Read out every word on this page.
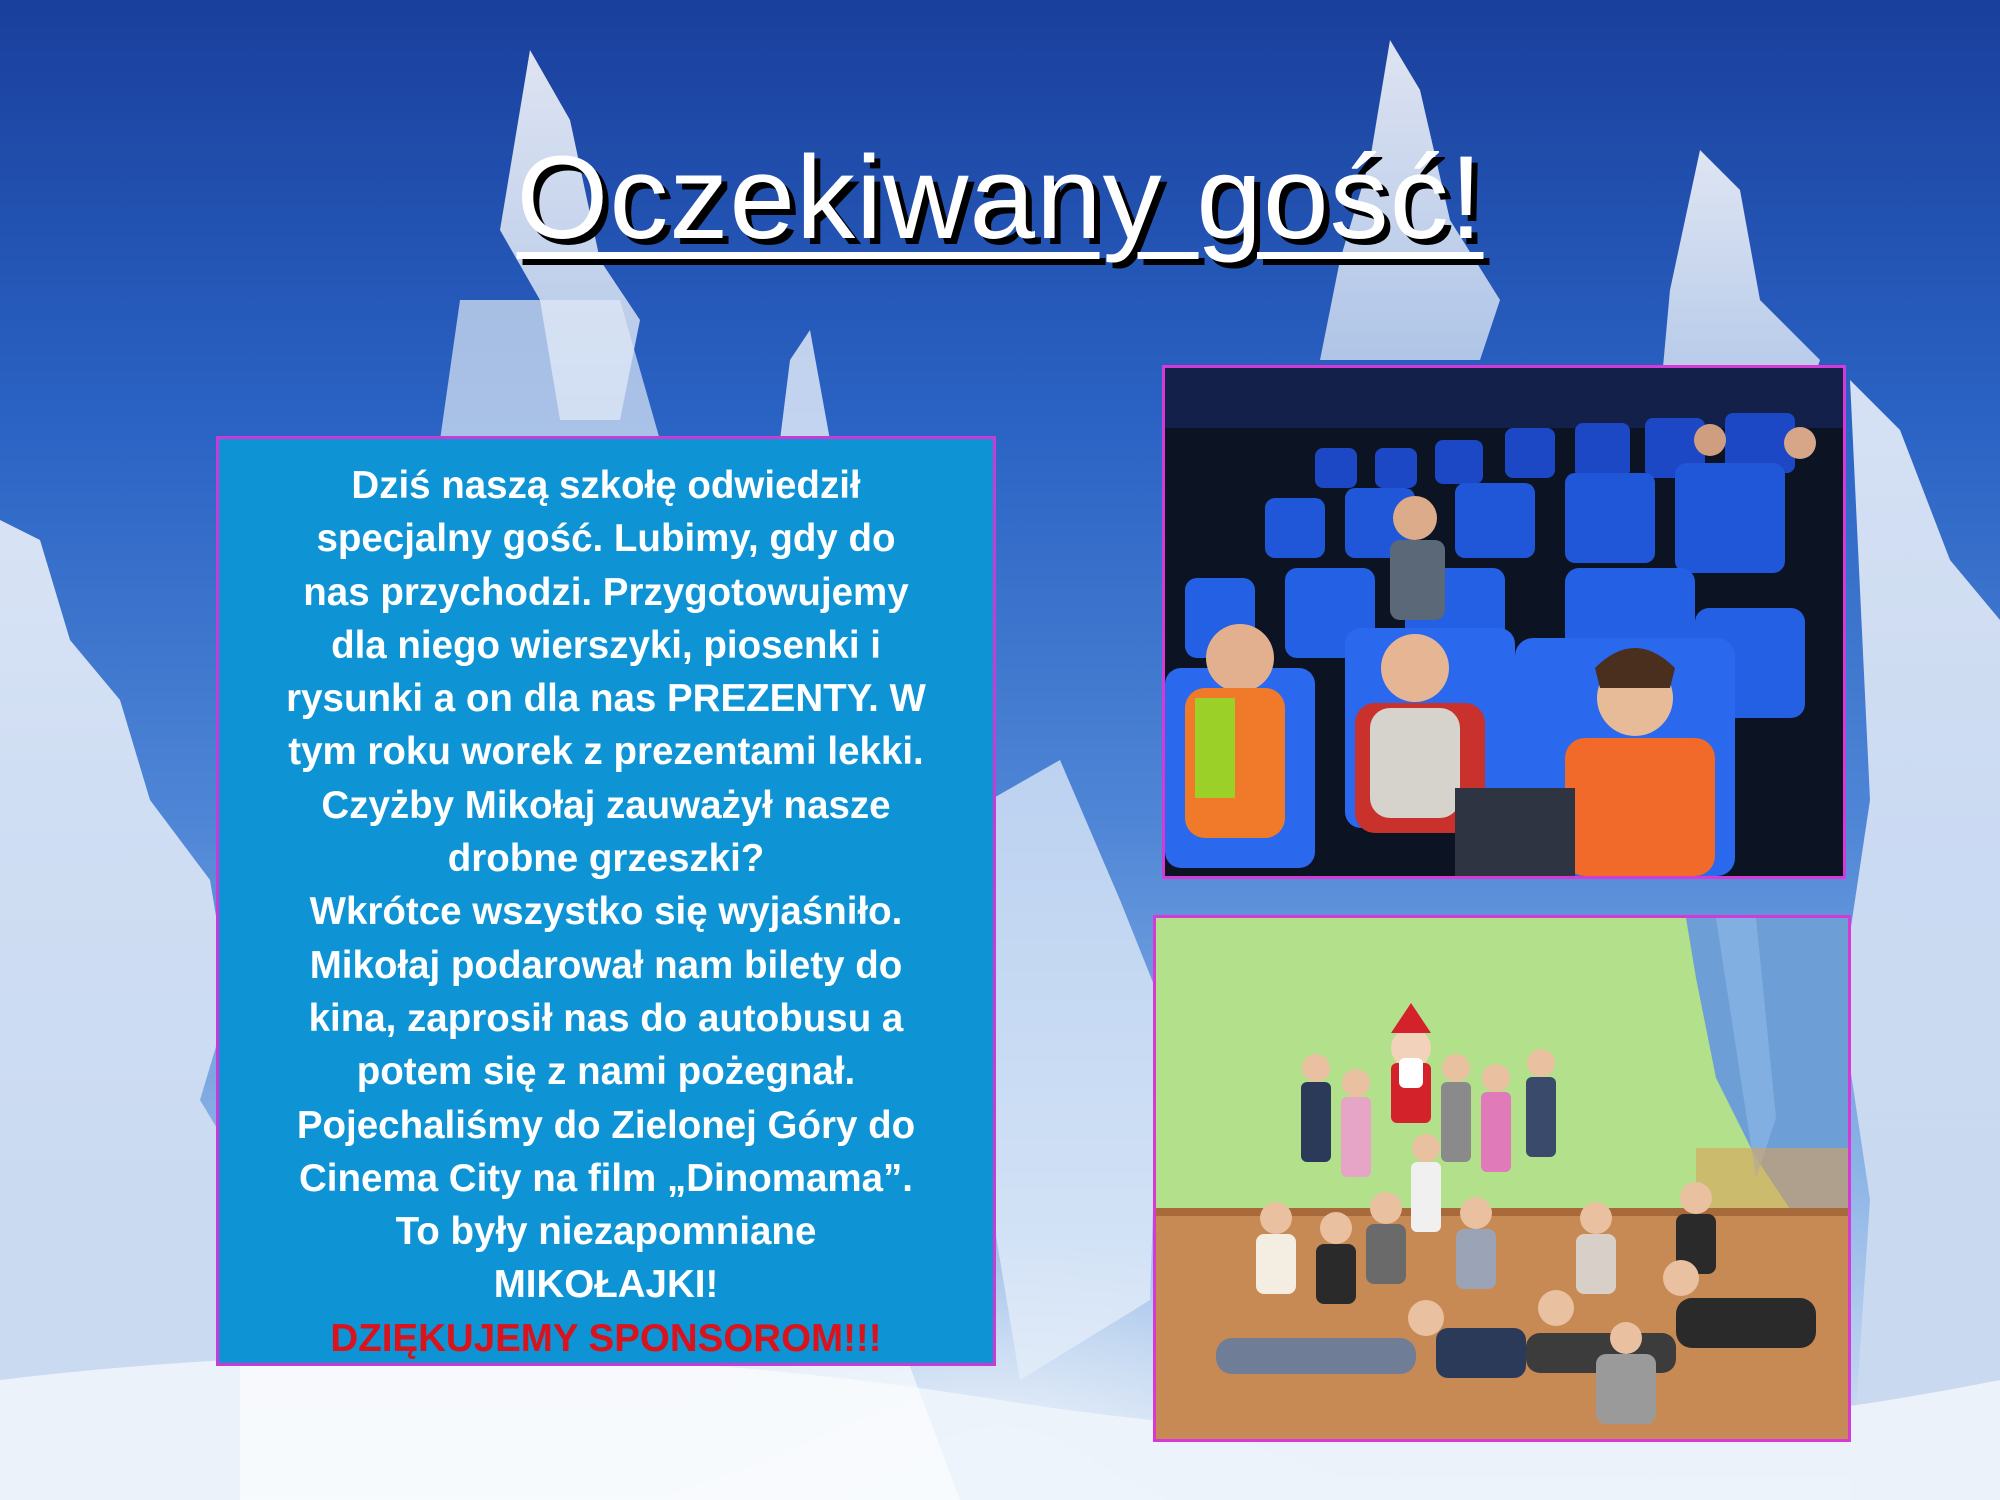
Oczekiwany gość!
Dziś naszą szkołę odwiedził
specjalny gość. Lubimy, gdy do
nas przychodzi. Przygotowujemy
dla niego wierszyki, piosenki i
rysunki a on dla nas PREZENTY. W
tym roku worek z prezentami lekki.
Czyżby Mikołaj zauważył nasze
drobne grzeszki?
Wkrótce wszystko się wyjaśniło.
Mikołaj podarował nam bilety do
kina, zaprosił nas do autobusu a
potem się z nami pożegnał.
Pojechaliśmy do Zielonej Góry do
Cinema City na film „Dinomama”.
To były niezapomniane
MIKOŁAJKI!
DZIĘKUJEMY SPONSOROM!!!
